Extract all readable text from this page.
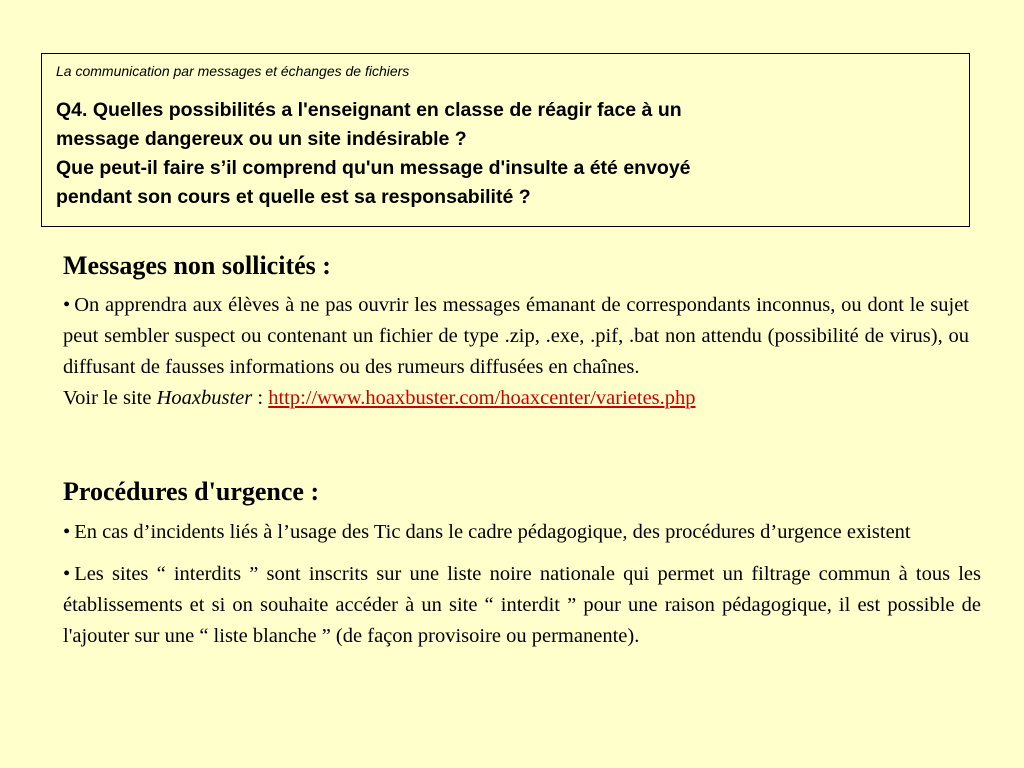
La communication par messages et échanges de fichiers

Q4. Quelles possibilités a l'enseignant en classe de réagir face à un
message dangereux ou un site indésirable ?
Que peut-il faire s’il comprend qu'un message d'insulte a été envoyé
pendant son cours et quelle est sa responsabilité ?

Messages non sollicités :

• On apprendra aux élèves à ne pas ouvrir les messages émanant de correspondants inconnus, ou dont le sujet peut sembler suspect ou contenant un fichier de type .zip, .exe, .pif, .bat non attendu (possibilité de virus), ou diffusant de fausses informations ou des rumeurs diffusées en chaînes.

Voir le site Hoaxbuster : http://www.hoaxbuster.com/hoaxcenter/varietes.php

Procédures d'urgence :

• En cas d’incidents liés à l’usage des Tic dans le cadre pédagogique, des procédures d’urgence existent

• Les sites “ interdits ” sont inscrits sur une liste noire nationale qui permet un filtrage commun à tous les établissements et si on souhaite accéder à un site “ interdit ” pour une raison pédagogique, il est possible de l'ajouter sur une “ liste blanche ” (de façon provisoire ou permanente).
